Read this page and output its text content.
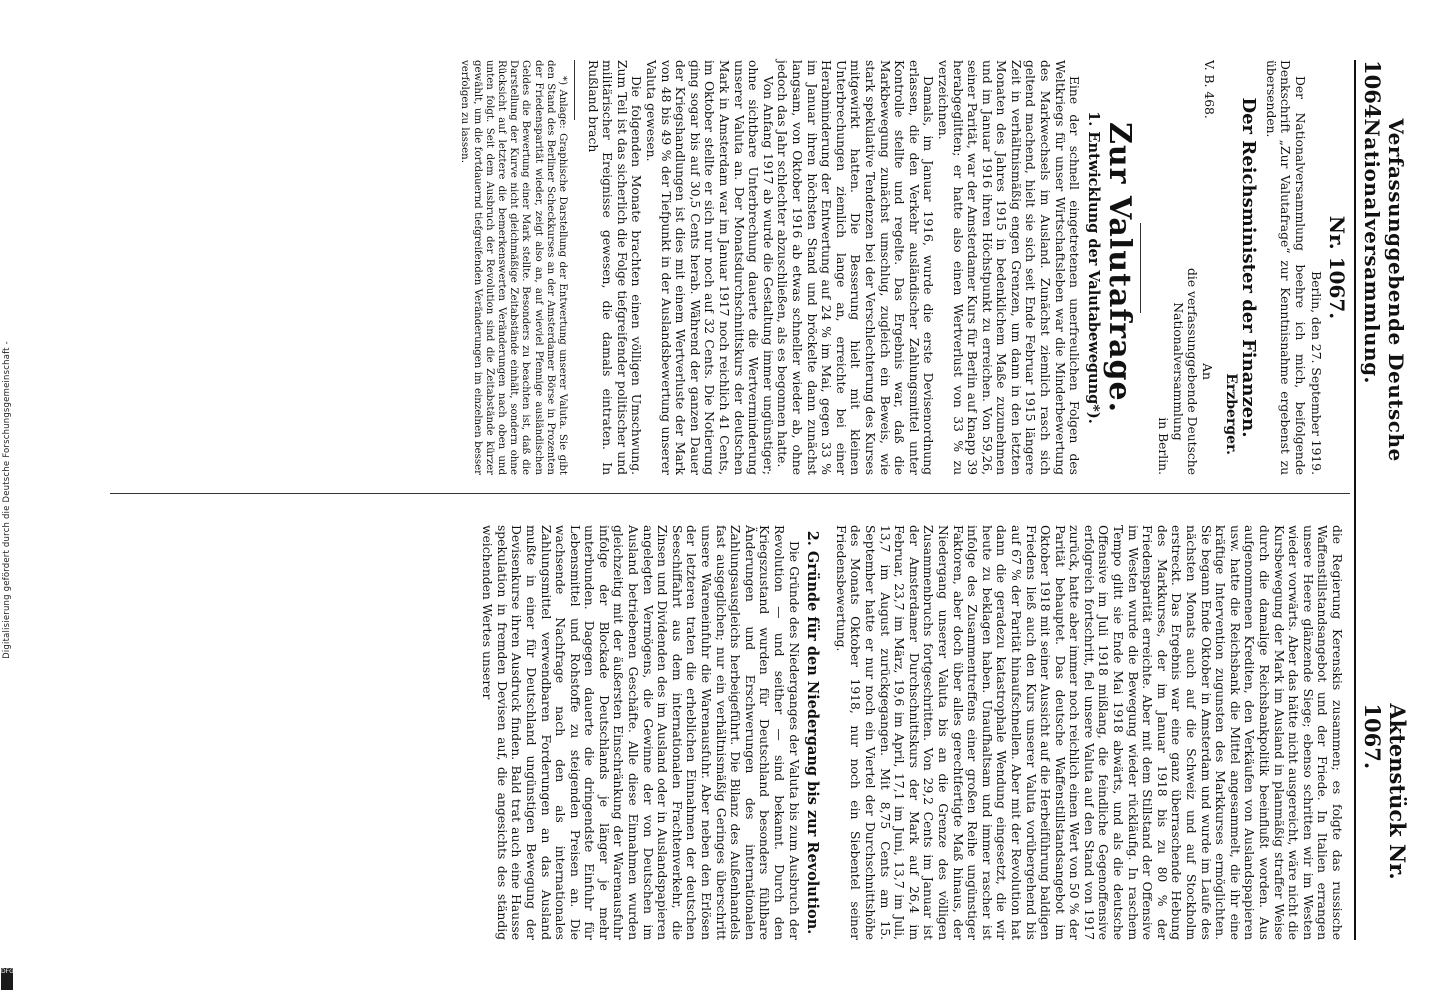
Digitalisierung gefördert durch die Deutsche Forschungsgemeinschaft -
DFG
1064
Verfassunggebende Deutsche Nationalversammlung.
Aktenstück Nr. 1067.
Nr. 1067.
Berlin, den 27. September 1919.

Der Nationalversammlung beehre ich mich, beifolgende Denkschrift „Zur Valutafrage“ zur Kenntnisnahme ergebenst zu übersenden.

Der Reichsminister der Finanzen.
Erzberger.
V. B. 468.
An
die verfassunggebende Deutsche
Nationalversammlung
in Berlin.
Zur Valutafrage.
1. Entwicklung der Valutabewegung*).

Eine der schnell eingetretenen unerfreulichen Folgen des Weltkriegs für unser Wirtschaftsleben war die Minderbewertung des Markwechsels im Ausland. Zunächst ziemlich rasch sich geltend machend, hielt sie sich seit Ende Februar 1915 längere Zeit in verhältnismäßig engen Grenzen, um dann in den letzten Monaten des Jahres 1915 in bedenklichem Maße zuzunehmen und im Januar 1916 ihren Höchstpunkt zu erreichen. Von 59,26, seiner Parität, war der Amsterdamer Kurs für Berlin auf knapp 39 herabgeglitten; er hatte also einen Wertverlust von 33 % zu verzeichnen.

Damals, im Januar 1916, wurde die erste Devisenordnung erlassen, die den Verkehr ausländischer Zahlungsmittel unter Kontrolle stellte und regelte. Das Ergebnis war, daß die Markbewegung zunächst umschlug, zugleich ein Beweis, wie stark spekulative Tendenzen bei der Verschlechterung des Kurses mitgewirkt hatten. Die Besserung hielt mit kleinen Unterbrechungen ziemlich lange an, erreichte bei einer Herabminderung der Entwertung auf 24 % im Mai, gegen 33 % im Januar ihren höchsten Stand und bröckelte dann zunächst langsam, von Oktober 1916 ab etwas schneller wieder ab, ohne jedoch das Jahr schlechter abzuschließen, als es begonnen hatte.

Von Anfang 1917 ab wurde die Gestaltung immer ungünstiger; ohne sichtbare Unterbrechung dauerte die Wertverminderung unserer Valuta an. Der Monatsdurchschnittskurs der deutschen Mark in Amsterdam war im Januar 1917 noch reichlich 41 Cents, im Oktober stellte er sich nur noch auf 32 Cents. Die Notierung ging sogar bis auf 30,5 Cents herab. Während der ganzen Dauer der Kriegshandlungen ist dies mit einem Wertverluste der Mark von 48 bis 49 % der Tiefpunkt in der Auslandsbewertung unserer Valuta gewesen.

Die folgenden Monate brachten einen völligen Umschwung. Zum Teil ist das sicherlich die Folge tiefgreifender politischer und militärischer Ereignisse gewesen, die damals eintraten. In Rußland brach

*) Anlage: Graphische Darstellung der Entwertung unserer Valuta. Sie gibt den Stand des Berliner Scheckkurses an der Amsterdamer Börse in Prozenten der Friedensparität wieder, zeigt also an, auf wieviel Pfennige ausländischen Geldes die Bewertung einer Mark stellte. Besonders zu beachten ist, daß die Darstellung der Kurve nicht gleichmäßige Zeitabstände einhält, sondern ohne Rücksicht auf letztere die bemerkenswerten Veränderungen nach oben und unten folgt. Seit dem Ausbruch der Revolution sind die Zeitabstände kürzer gewählt, um die fortdauernd tiefgreifenden Veränderungen im einzelnen besser verfolgen zu lassen.

die Regierung Kerenskis zusammen; es folgte das russische Waffenstillstandsangebot und der Friede. In Italien errangen unsere Heere glänzende Siege; ebenso schritten wir im Westen wieder vorwärts. Aber das hätte nicht ausgereicht, wäre nicht die Kursbewegung der Mark im Ausland in planmäßig straffer Weise durch die damalige Reichsbankpolitik beeinflußt worden. Aus aufgenommenen Krediten, den Verkäufen von Auslandspapieren usw. hatte die Reichsbank die Mittel angesammelt, die ihr eine kräftige Intervention zugunsten des Markkurses ermöglichten. Sie begann Ende Oktober in Amsterdam und wurde im Laufe des nächsten Monats auch auf die Schweiz und auf Stockholm erstreckt. Das Ergebnis war eine ganz überraschende Hebung des Markkurses, der im Januar 1918 bis zu 80 % der Friedensparität erreichte. Aber mit dem Stillstand der Offensive im Westen wurde die Bewegung wieder rückläufig. In raschem Tempo glitt sie Ende Mai 1918 abwärts, und als die deutsche Offensive im Juli 1918 mißlang, die feindliche Gegenoffensive erfolgreich fortschritt, fiel unsere Valuta auf den Stand von 1917 zurück, hatte aber immer noch reichlich einen Wert von 50 % der Parität behauptet. Das deutsche Waffenstillstandsangebot im Oktober 1918 mit seiner Aussicht auf die Herbeiführung baldigen Friedens ließ auch den Kurs unserer Valuta vorübergehend bis auf 67 % der Parität hinaufschnellen. Aber mit der Revolution hat dann die geradezu katastrophale Wendung eingesetzt, die wir heute zu beklagen haben. Unaufhaltsam und immer rascher ist infolge des Zusammentreffens einer großen Reihe ungünstiger Faktoren, aber doch über alles gerechtfertigte Maß hinaus, der Niedergang unserer Valuta bis an die Grenze des völligen Zusammenbruchs fortgeschritten. Von 29,2 Cents im Januar ist der Amsterdamer Durchschnittskurs der Mark auf 26,4 im Februar, 23,7 im März, 19,6 im April, 17,1 im Juni, 13,7 im Juli, 13,7 im August zurückgegangen. Mit 8,75 Cents am 15. September hatte er nur noch ein Viertel der Durchschnittshöhe des Monats Oktober 1918, nur noch ein Siebentel seiner Friedensbewertung.

2. Gründe für den Niedergang bis zur Revolution.

Die Gründe des Niederganges der Valuta bis zum Ausbruch der Revolution — und seither — sind bekannt. Durch den Kriegszustand wurden für Deutschland besonders fühlbare Änderungen und Erschwerungen des internationalen Zahlungsausgleichs herbeigeführt. Die Bilanz des Außenhandels fast ausgeglichen; nur ein verhältnismäßig Geringes überschritt unsere Wareneinfuhr die Warenausfuhr. Aber neben den Erlösen der letzteren traten die erheblichen Einnahmen der deutschen Seeschiffahrt aus dem internationalen Frachtenverkehr, die Zinsen und Dividenden des im Ausland oder in Auslandspapieren angelegten Vermögens, die Gewinne der von Deutschen im Ausland betriebenen Geschäfte. Alle diese Einnahmen wurden gleichzeitig mit der äußersten Einschränkung der Warenausfuhr infolge der Blockade Deutschlands je länger je mehr unterbunden. Dagegen dauerte die dringendste Einfuhr für Lebensmittel und Rohstoffe zu steigenden Preisen an. Die wachsende Nachfrage nach den als internationales Zahlungsmittel verwendbaren Forderungen an das Ausland mußte in einer für Deutschland ungünstigen Bewegung der Devisenkurse ihren Ausdruck finden. Bald trat auch eine Hausse spekulation in fremden Devisen auf, die angesichts des ständig weichenden Wertes unserer
